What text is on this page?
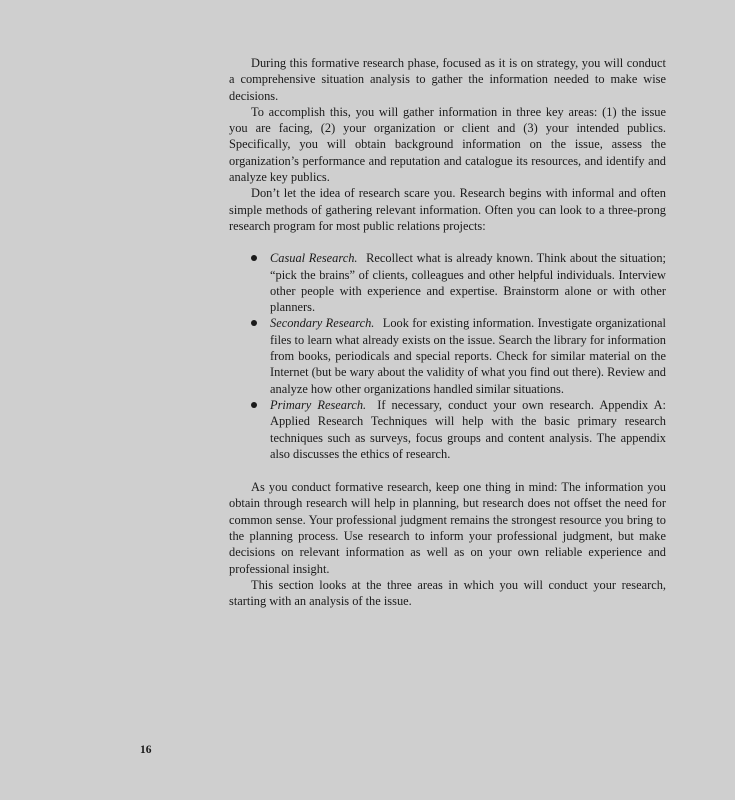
During this formative research phase, focused as it is on strategy, you will conduct a comprehensive situation analysis to gather the information needed to make wise decisions.

To accomplish this, you will gather information in three key areas: (1) the issue you are facing, (2) your organization or client and (3) your intended publics. Specifically, you will obtain background information on the issue, assess the organization’s performance and reputation and catalogue its resources, and identify and analyze key publics.

Don’t let the idea of research scare you. Research begins with informal and often simple methods of gathering relevant information. Often you can look to a three-prong research program for most public relations projects:

Casual Research. Recollect what is already known. Think about the situation; “pick the brains” of clients, colleagues and other helpful individuals. Interview other people with experience and expertise. Brainstorm alone or with other planners.
Secondary Research. Look for existing information. Investigate organizational files to learn what already exists on the issue. Search the library for information from books, periodicals and special reports. Check for similar material on the Internet (but be wary about the validity of what you find out there). Review and analyze how other organizations handled similar situations.
Primary Research. If necessary, conduct your own research. Appendix A: Applied Research Techniques will help with the basic primary research techniques such as surveys, focus groups and content analysis. The appendix also discusses the ethics of research.

As you conduct formative research, keep one thing in mind: The information you obtain through research will help in planning, but research does not offset the need for common sense. Your professional judgment remains the strongest resource you bring to the planning process. Use research to inform your professional judgment, but make decisions on relevant information as well as on your own reliable experience and professional insight.

This section looks at the three areas in which you will conduct your research, starting with an analysis of the issue.

16
